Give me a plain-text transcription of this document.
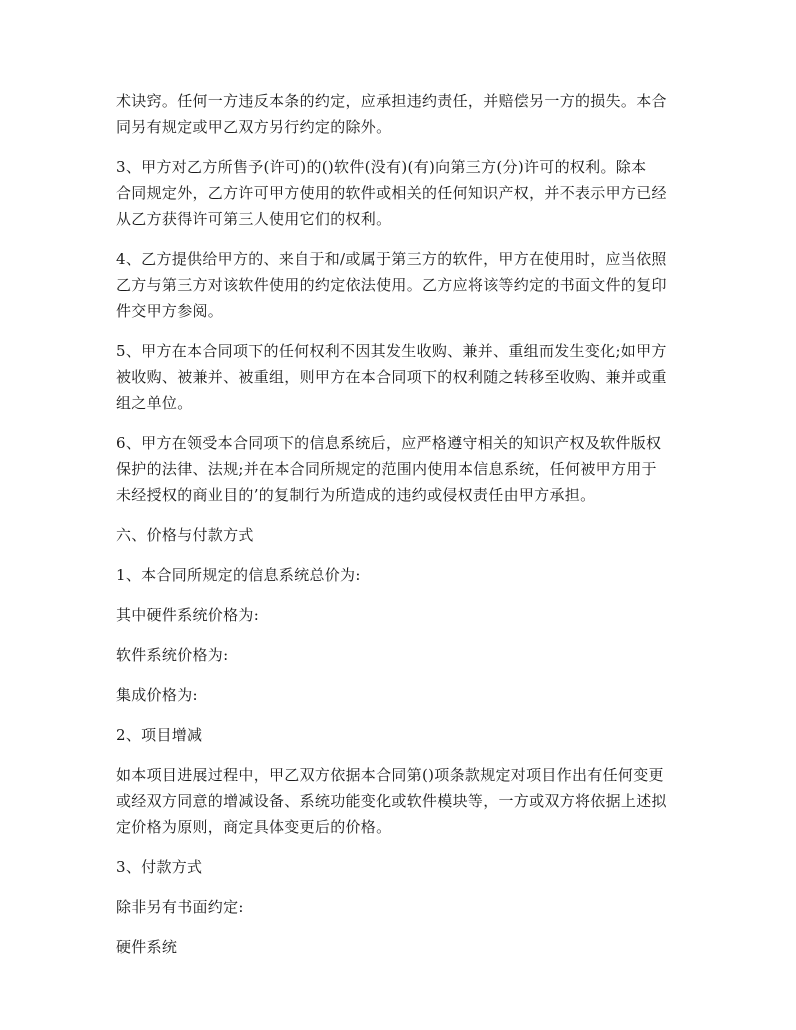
术诀窍。任何一方违反本条的约定，应承担违约责任，并赔偿另一方的损失。本合
同另有规定或甲乙双方另行约定的除外。

3、甲方对乙方所售予(许可)的()软件(没有)(有)向第三方(分)许可的权利。除本
合同规定外，乙方许可甲方使用的软件或相关的任何知识产权，并不表示甲方已经
从乙方获得许可第三人使用它们的权利。

4、乙方提供给甲方的、来自于和/或属于第三方的软件，甲方在使用时，应当依照
乙方与第三方对该软件使用的约定依法使用。乙方应将该等约定的书面文件的复印
件交甲方参阅。

5、甲方在本合同项下的任何权利不因其发生收购、兼并、重组而发生变化;如甲方
被收购、被兼并、被重组，则甲方在本合同项下的权利随之转移至收购、兼并或重
组之单位。

6、甲方在领受本合同项下的信息系统后，应严格遵守相关的知识产权及软件版权
保护的法律、法规;并在本合同所规定的范围内使用本信息系统，任何被甲方用于
未经授权的商业目的’的复制行为所造成的违约或侵权责任由甲方承担。

六、价格与付款方式

1、本合同所规定的信息系统总价为:

其中硬件系统价格为:

软件系统价格为:

集成价格为:

2、项目增减

如本项目进展过程中，甲乙双方依据本合同第()项条款规定对项目作出有任何变更
或经双方同意的增减设备、系统功能变化或软件模块等，一方或双方将依据上述拟
定价格为原则，商定具体变更后的价格。

3、付款方式

除非另有书面约定:

硬件系统
